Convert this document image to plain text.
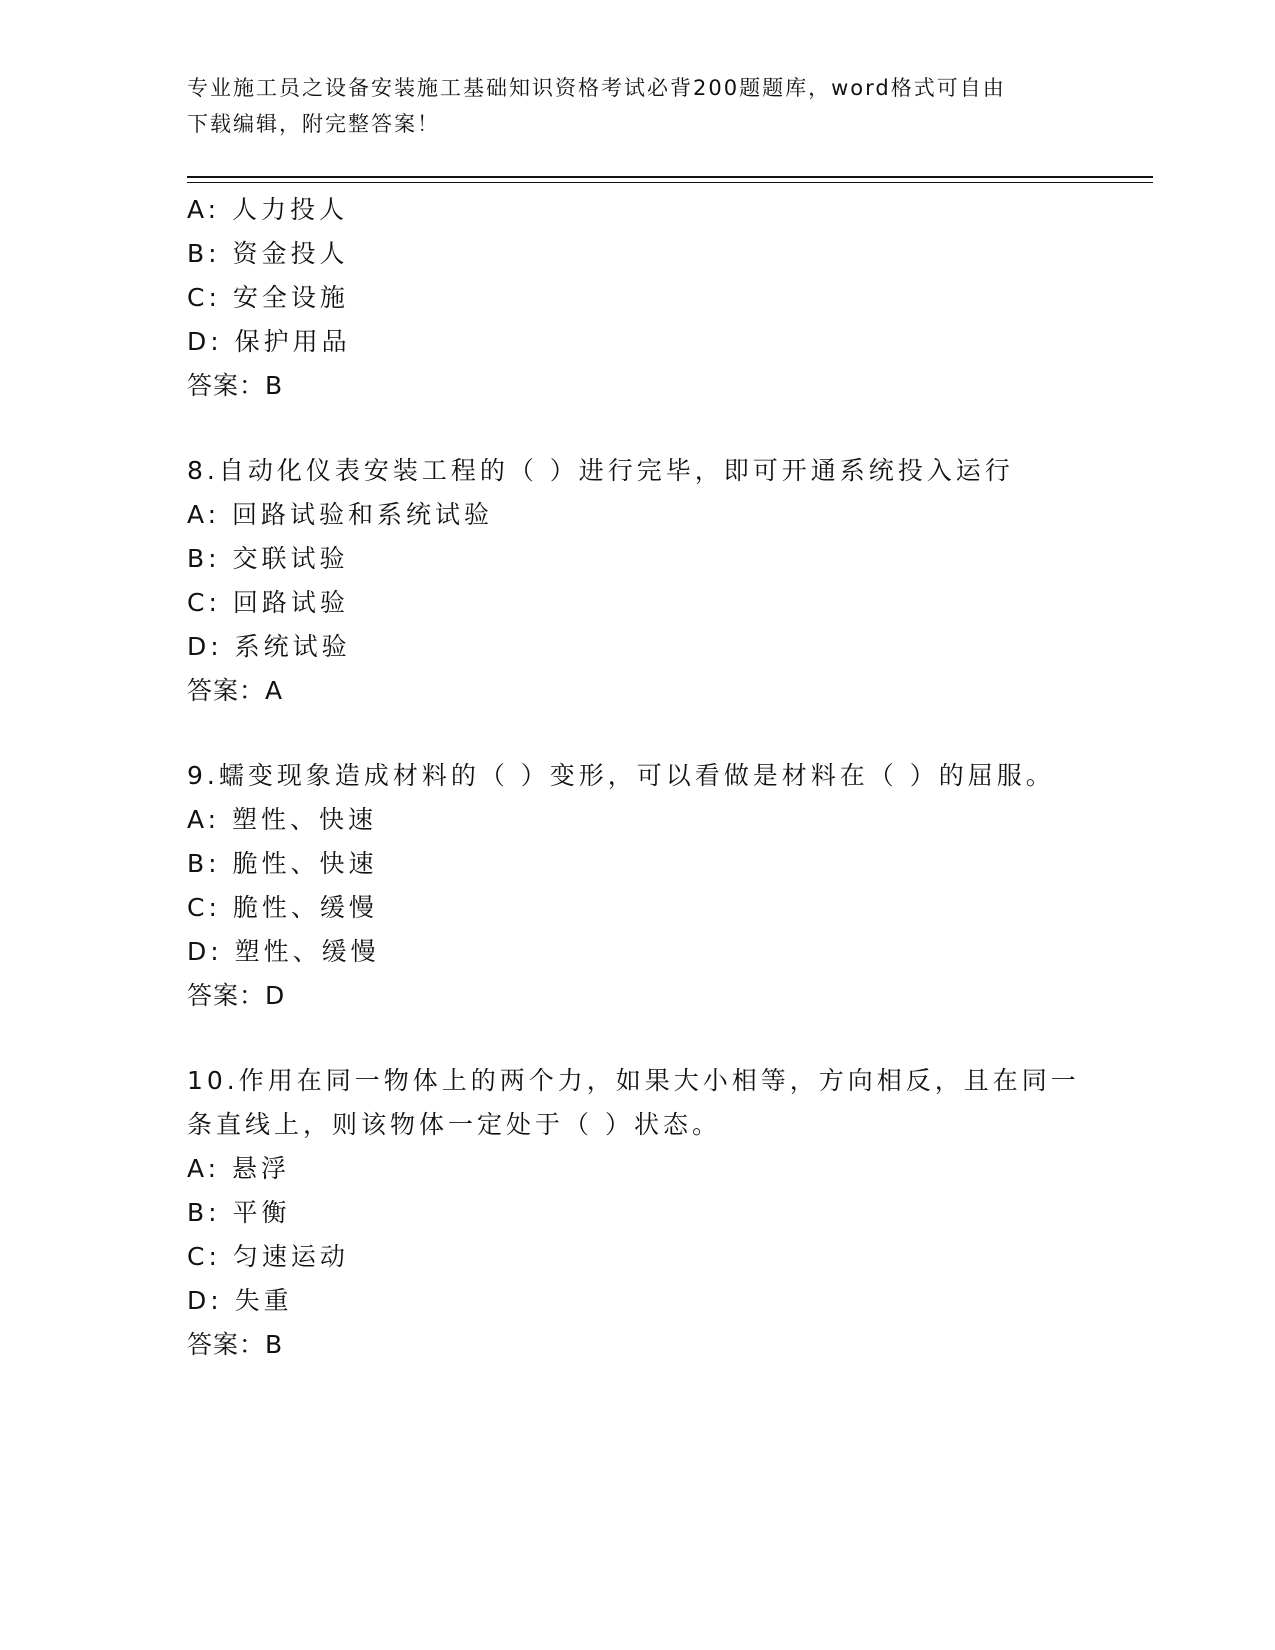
专业施工员之设备安装施工基础知识资格考试必背200题题库，word格式可自由
下载编辑，附完整答案！
A: 人力投人
B: 资金投人
C: 安全设施
D: 保护用品
答案：B
8.自动化仪表安装工程的（ ）进行完毕，即可开通系统投入运行
A: 回路试验和系统试验
B: 交联试验
C: 回路试验
D: 系统试验
答案：A
9.蠕变现象造成材料的（ ）变形，可以看做是材料在（ ）的屈服。
A: 塑性、快速
B: 脆性、快速
C: 脆性、缓慢
D: 塑性、缓慢
答案：D
10.作用在同一物体上的两个力，如果大小相等，方向相反，且在同一
条直线上，则该物体一定处于（ ）状态。
A: 悬浮
B: 平衡
C: 匀速运动
D: 失重
答案：B
